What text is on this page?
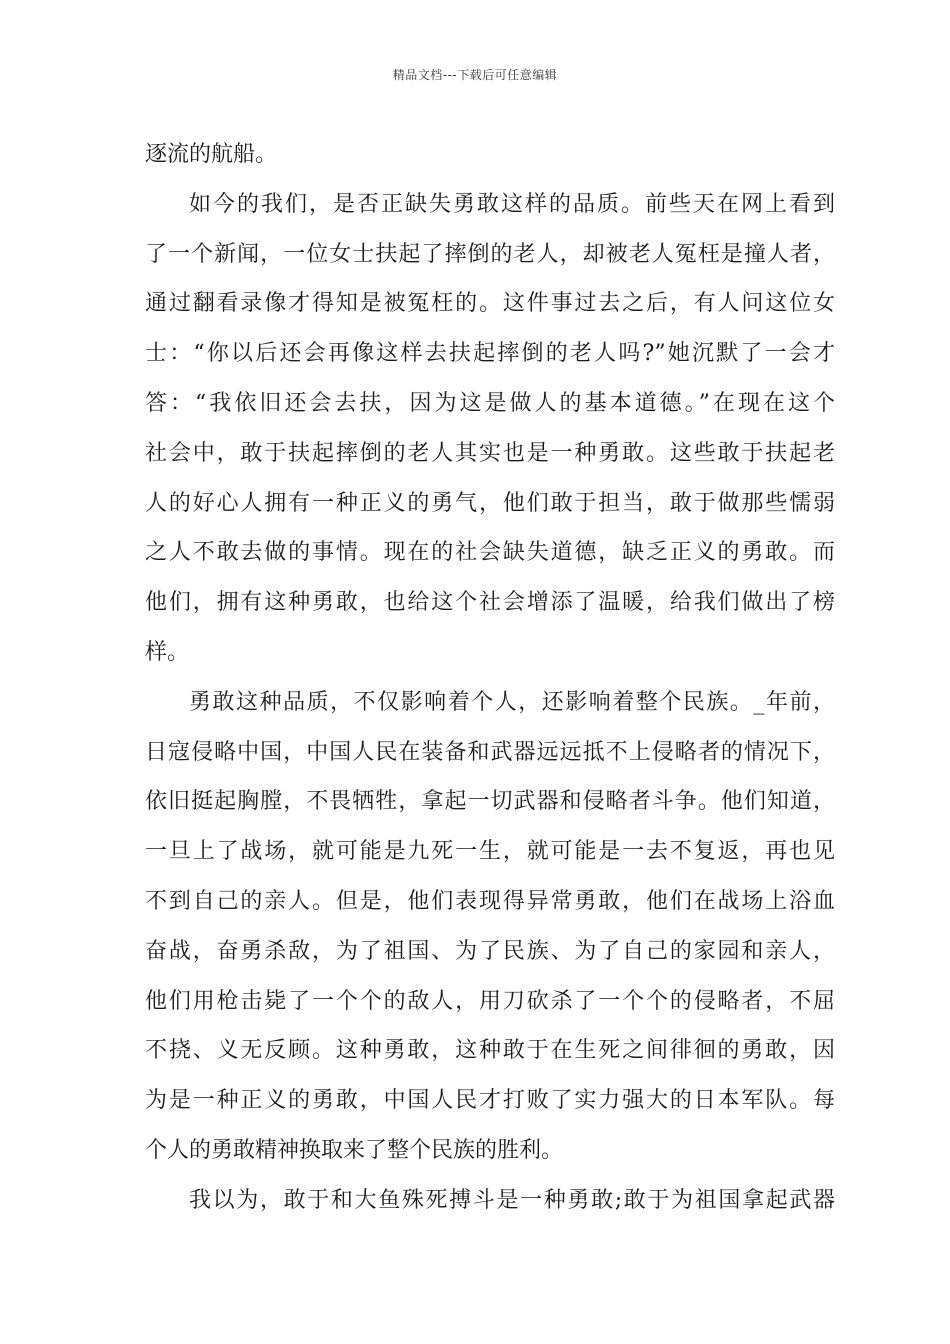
精品文档---下载后可任意编辑
逐流的航船。
如今的我们，是否正缺失勇敢这样的品质。前些天在网上看到
了一个新闻，一位女士扶起了摔倒的老人，却被老人冤枉是撞人者，
通过翻看录像才得知是被冤枉的。这件事过去之后，有人问这位女
士：“你以后还会再像这样去扶起摔倒的老人吗?”她沉默了一会才
答：“我依旧还会去扶，因为这是做人的基本道德。”在现在这个
社会中，敢于扶起摔倒的老人其实也是一种勇敢。这些敢于扶起老
人的好心人拥有一种正义的勇气，他们敢于担当，敢于做那些懦弱
之人不敢去做的事情。现在的社会缺失道德，缺乏正义的勇敢。而
他们，拥有这种勇敢，也给这个社会增添了温暖，给我们做出了榜
样。
勇敢这种品质，不仅影响着个人，还影响着整个民族。_年前，
日寇侵略中国，中国人民在装备和武器远远抵不上侵略者的情况下，
依旧挺起胸膛，不畏牺牲，拿起一切武器和侵略者斗争。他们知道，
一旦上了战场，就可能是九死一生，就可能是一去不复返，再也见
不到自己的亲人。但是，他们表现得异常勇敢，他们在战场上浴血
奋战，奋勇杀敌，为了祖国、为了民族、为了自己的家园和亲人，
他们用枪击毙了一个个的敌人，用刀砍杀了一个个的侵略者，不屈
不挠、义无反顾。这种勇敢，这种敢于在生死之间徘徊的勇敢，因
为是一种正义的勇敢，中国人民才打败了实力强大的日本军队。每
个人的勇敢精神换取来了整个民族的胜利。
我以为，敢于和大鱼殊死搏斗是一种勇敢;敢于为祖国拿起武器
